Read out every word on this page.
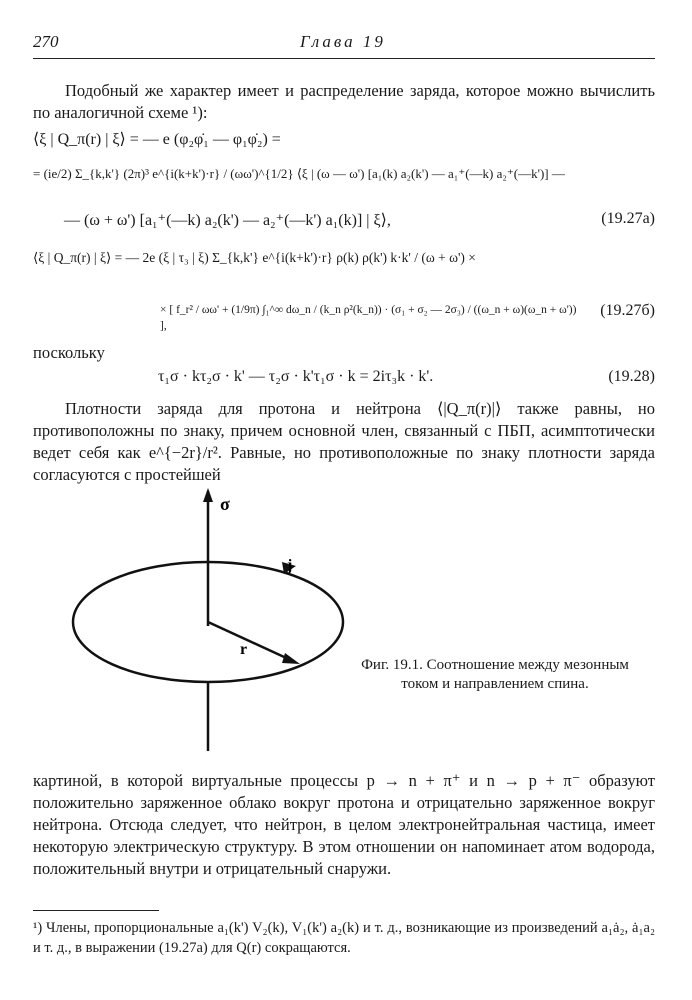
270	Глава 19
Подобный же характер имеет и распределение заряда, которое можно вычислить по аналогичной схеме ¹):
⟨ξ | Q_π(r) | ξ⟩ = — e (φ₂φ̇₁ — φ₁φ̇₂) =
= (ie/2) Σ_{k,k'} (2π)³ e^{i(k+k')·r} / (ωω')^{1/2} ⟨ξ | (ω — ω') [a₁(k) a₂(k') — a₁⁺(—k) a₂⁺(—k')] —
— (ω + ω') [a₁⁺(—k) a₂(k') — a₂⁺(—k') a₁(k)] | ξ⟩,	(19.27а)
⟨ξ | Q_π(r) | ξ⟩ = — 2e (ξ | τ₃ | ξ) Σ_{k,k'} e^{i(k+k')·r} ρ(k) ρ(k') k·k' / (ω + ω') ×
× [ f_r² / ωω' + (1/9π) ∫₁^∞ dω_n / (k_n ρ²(k_n)) · (σ₁ + σ₂ — 2σ₃) / ((ω_n + ω)(ω_n + ω')) ],
(19.27б)
поскольку
τ₁σ · kτ₂σ · k' — τ₂σ · k'τ₁σ · k = 2iτ₃k · k'.	(19.28)
Плотности заряда для протона и нейтрона ⟨|Q_π(r)|⟩ также равны, но противоположны по знаку, причем основной член, связанный с ПБП, асимптотически ведет себя как e^{−2r}/r². Равные, но противоположные по знаку плотности заряда согласуются с простейшей
σ
j
r
Фиг. 19.1. Соотношение между мезонным током и направлением спина.
картиной, в которой виртуальные процессы p → n + π⁺ и n → p + π⁻ образуют положительно заряженное облако вокруг протона и отрицательно заряженное вокруг нейтрона. Отсюда следует, что нейтрон, в целом электронейтральная частица, имеет некоторую электрическую структуру. В этом отношении он напоминает атом водорода, положительный внутри и отрицательный снаружи.
¹) Члены, пропорциональные a₁(k') V₂(k), V₁(k') a₂(k) и т. д., возникающие из произведений a₁ȧ₂, ȧ₁a₂ и т. д., в выражении (19.27а) для Q(r) сокращаются.
